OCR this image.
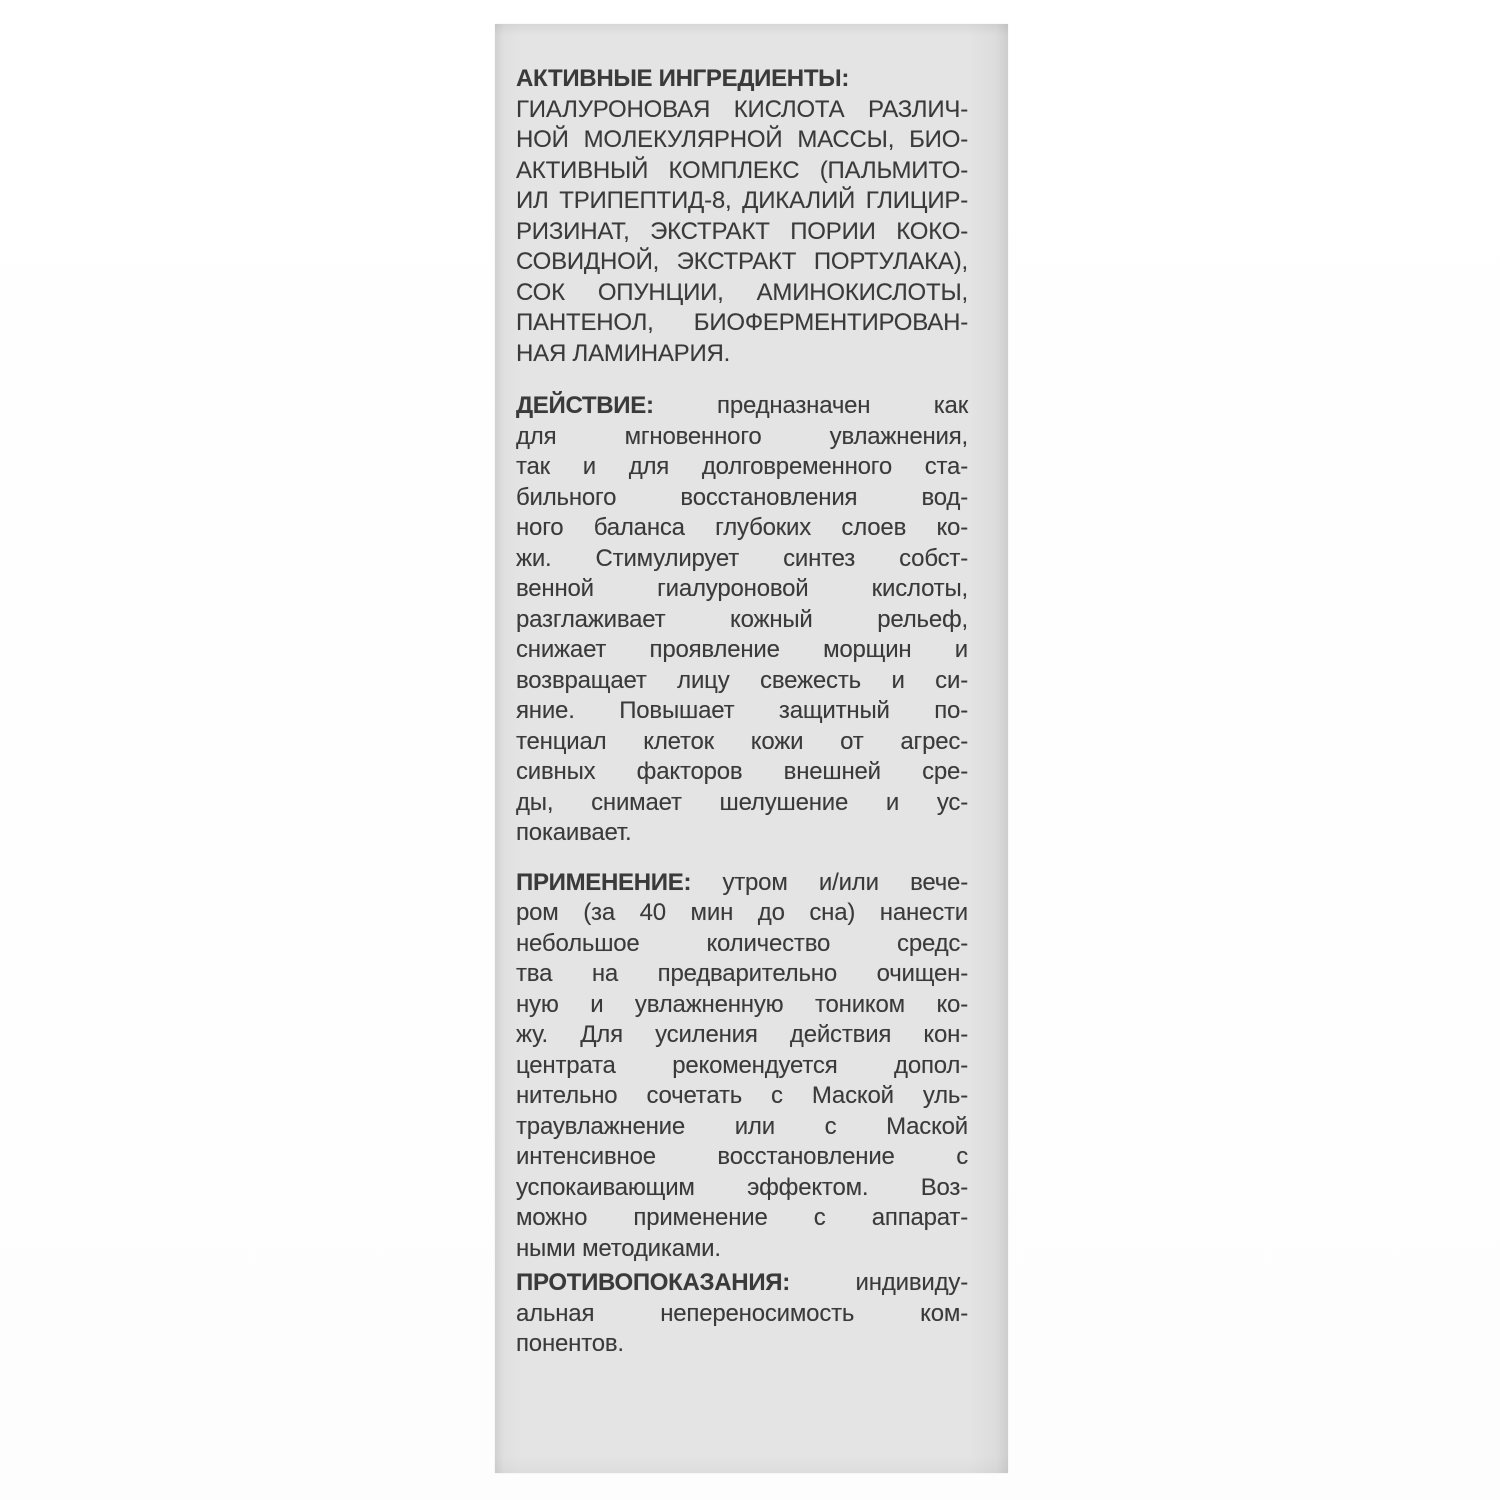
АКТИВНЫЕ ИНГРЕДИЕНТЫ:
ГИАЛУРОНОВАЯ КИСЛОТА РАЗЛИЧ-
НОЙ МОЛЕКУЛЯРНОЙ МАССЫ, БИО-
АКТИВНЫЙ КОМПЛЕКС (ПАЛЬМИТО-
ИЛ ТРИПЕПТИД-8, ДИКАЛИЙ ГЛИЦИР-
РИЗИНАТ, ЭКСТРАКТ ПОРИИ КОКО-
СОВИДНОЙ, ЭКСТРАКТ ПОРТУЛАКА),
СОК ОПУНЦИИ, АМИНОКИСЛОТЫ,
ПАНТЕНОЛ, БИОФЕРМЕНТИРОВАН-
НАЯ ЛАМИНАРИЯ.
ДЕЙСТВИЕ: предназначен как
для мгновенного увлажнения,
так и для долговременного ста-
бильного восстановления вод-
ного баланса глубоких слоев ко-
жи. Стимулирует синтез собст-
венной гиалуроновой кислоты,
разглаживает кожный рельеф,
снижает проявление морщин и
возвращает лицу свежесть и си-
яние. Повышает защитный по-
тенциал клеток кожи от агрес-
сивных факторов внешней сре-
ды, снимает шелушение и ус-
покаивает.
ПРИМЕНЕНИЕ: утром и/или вече-
ром (за 40 мин до сна) нанести
небольшое количество средс-
тва на предварительно очищен-
ную и увлажненную тоником ко-
жу. Для усиления действия кон-
центрата рекомендуется допол-
нительно сочетать с Маской уль-
траувлажнение или с Маской
интенсивное восстановление с
успокаивающим эффектом. Воз-
можно применение с аппарат-
ными методиками.
ПРОТИВОПОКАЗАНИЯ: индивиду-
альная непереносимость ком-
понентов.
